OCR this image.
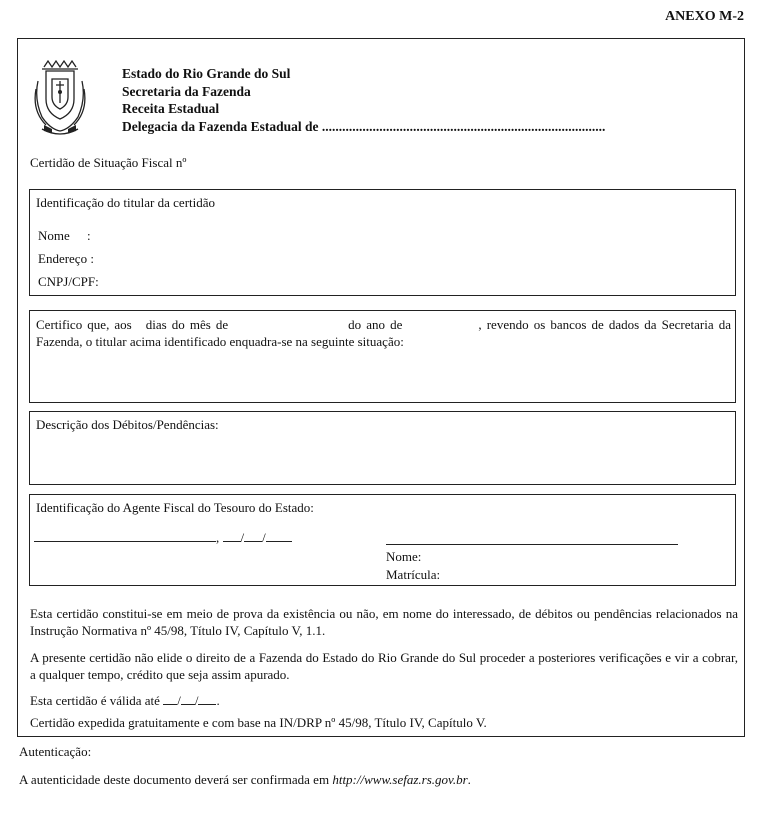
ANEXO M-2
Estado do Rio Grande do Sul
Secretaria da Fazenda
Receita Estadual
Delegacia da Fazenda Estadual de ....................................................................................
Certidão de Situação Fiscal nº
Identificação do titular da certidão
Nome :
Endereço :
CNPJ/CPF:
Certifico que, aos dias do mês de	do ano de	, revendo os bancos de dados da Secretaria da Fazenda, o titular acima identificado enquadra-se na seguinte situação:
Descrição dos Débitos/Pendências:
Identificação do Agente Fiscal do Tesouro do Estado:
, / /
Nome:
Matrícula:
Esta certidão constitui-se em meio de prova da existência ou não, em nome do interessado, de débitos ou pendências relacionados na Instrução Normativa nº 45/98, Título IV, Capítulo V, 1.1.
A presente certidão não elide o direito de a Fazenda do Estado do Rio Grande do Sul proceder a posteriores verificações e vir a cobrar, a qualquer tempo, crédito que seja assim apurado.
Esta certidão é válida até / / .
Certidão expedida gratuitamente e com base na IN/DRP nº 45/98, Título IV, Capítulo V.
Autenticação:
A autenticidade deste documento deverá ser confirmada em http://www.sefaz.rs.gov.br.
